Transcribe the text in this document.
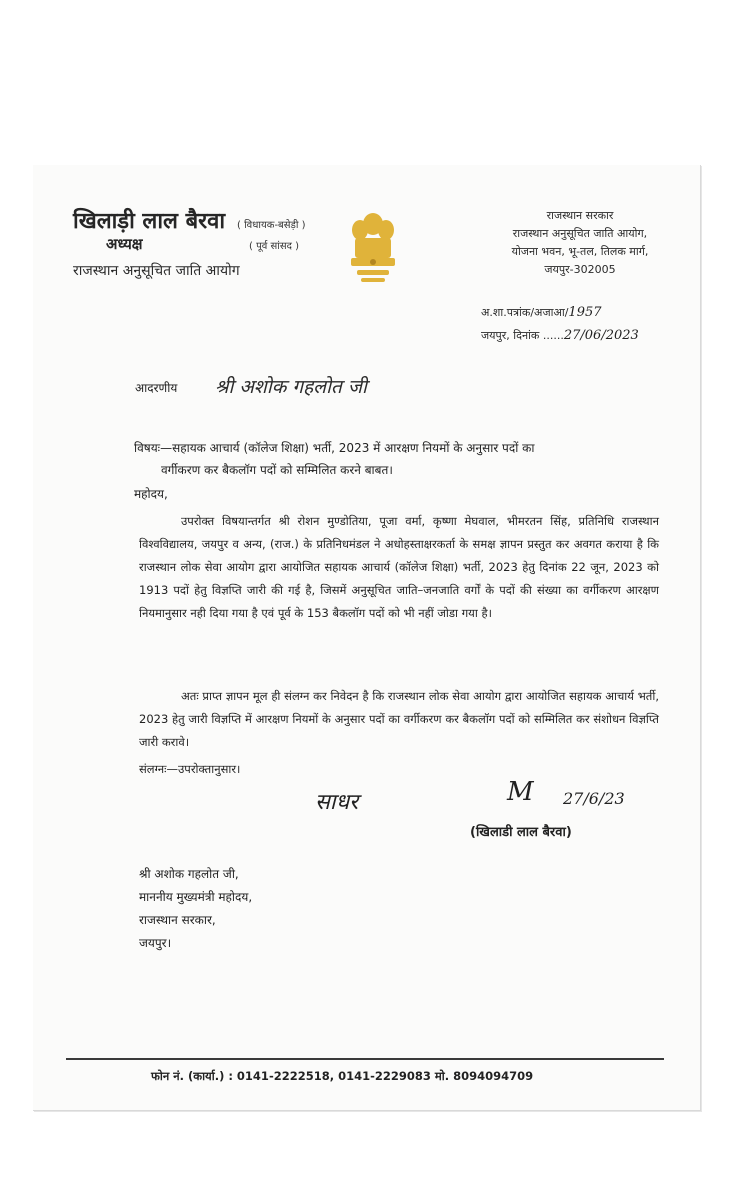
खिलाड़ी लाल बैरवा ( विधायक-बसेड़ी )
( पूर्व सांसद )
अध्यक्ष
राजस्थान अनुसूचित जाति आयोग
राजस्थान सरकार
राजस्थान अनुसूचित जाति आयोग,
योजना भवन, भू-तल, तिलक मार्ग,
जयपुर-302005
अ.शा.पत्रांक/अजाआ/1957
जयपुर, दिनांक ......27/06/2023
आदरणीय श्री अशोक गहलोत जी
विषयः—सहायक आचार्य (कॉलेज शिक्षा) भर्ती, 2023 में आरक्षण नियमों के अनुसार पदों का
वर्गीकरण कर बैकलॉग पदों को सम्मिलित करने बाबत।
महोदय,
उपरोक्त विषयान्तर्गत श्री रोशन मुण्डोतिया, पूजा वर्मा, कृष्णा मेघवाल, भीमरतन सिंह, प्रतिनिधि राजस्थान विश्वविद्यालय, जयपुर व अन्य, (राज.) के प्रतिनिधमंडल ने अधोहस्ताक्षरकर्ता के समक्ष ज्ञापन प्रस्तुत कर अवगत कराया है कि राजस्थान लोक सेवा आयोग द्वारा आयोजित सहायक आचार्य (कॉलेज शिक्षा) भर्ती, 2023 हेतु दिनांक 22 जून, 2023 को 1913 पदों हेतु विज्ञप्ति जारी की गई है, जिसमें अनुसूचित जाति–जनजाति वर्गों के पदों की संख्या का वर्गीकरण आरक्षण नियमानुसार नही दिया गया है एवं पूर्व के 153 बैकलॉग पदों को भी नहीं जोडा गया है।
अतः प्राप्त ज्ञापन मूल ही संलग्न कर निवेदन है कि राजस्थान लोक सेवा आयोग द्वारा आयोजित सहायक आचार्य भर्ती, 2023 हेतु जारी विज्ञप्ति में आरक्षण नियमों के अनुसार पदों का वर्गीकरण कर बैकलॉग पदों को सम्मिलित कर संशोधन विज्ञप्ति जारी करावे।
संलग्नः—उपरोक्तानुसार।
साधर	M 27/6/23
(खिलाडी लाल बैरवा)
श्री अशोक गहलोत जी,
माननीय मुख्यमंत्री महोदय,
राजस्थान सरकार,
जयपुर।
फोन नं. (कार्या.) : 0141-2222518, 0141-2229083 मो. 8094094709
